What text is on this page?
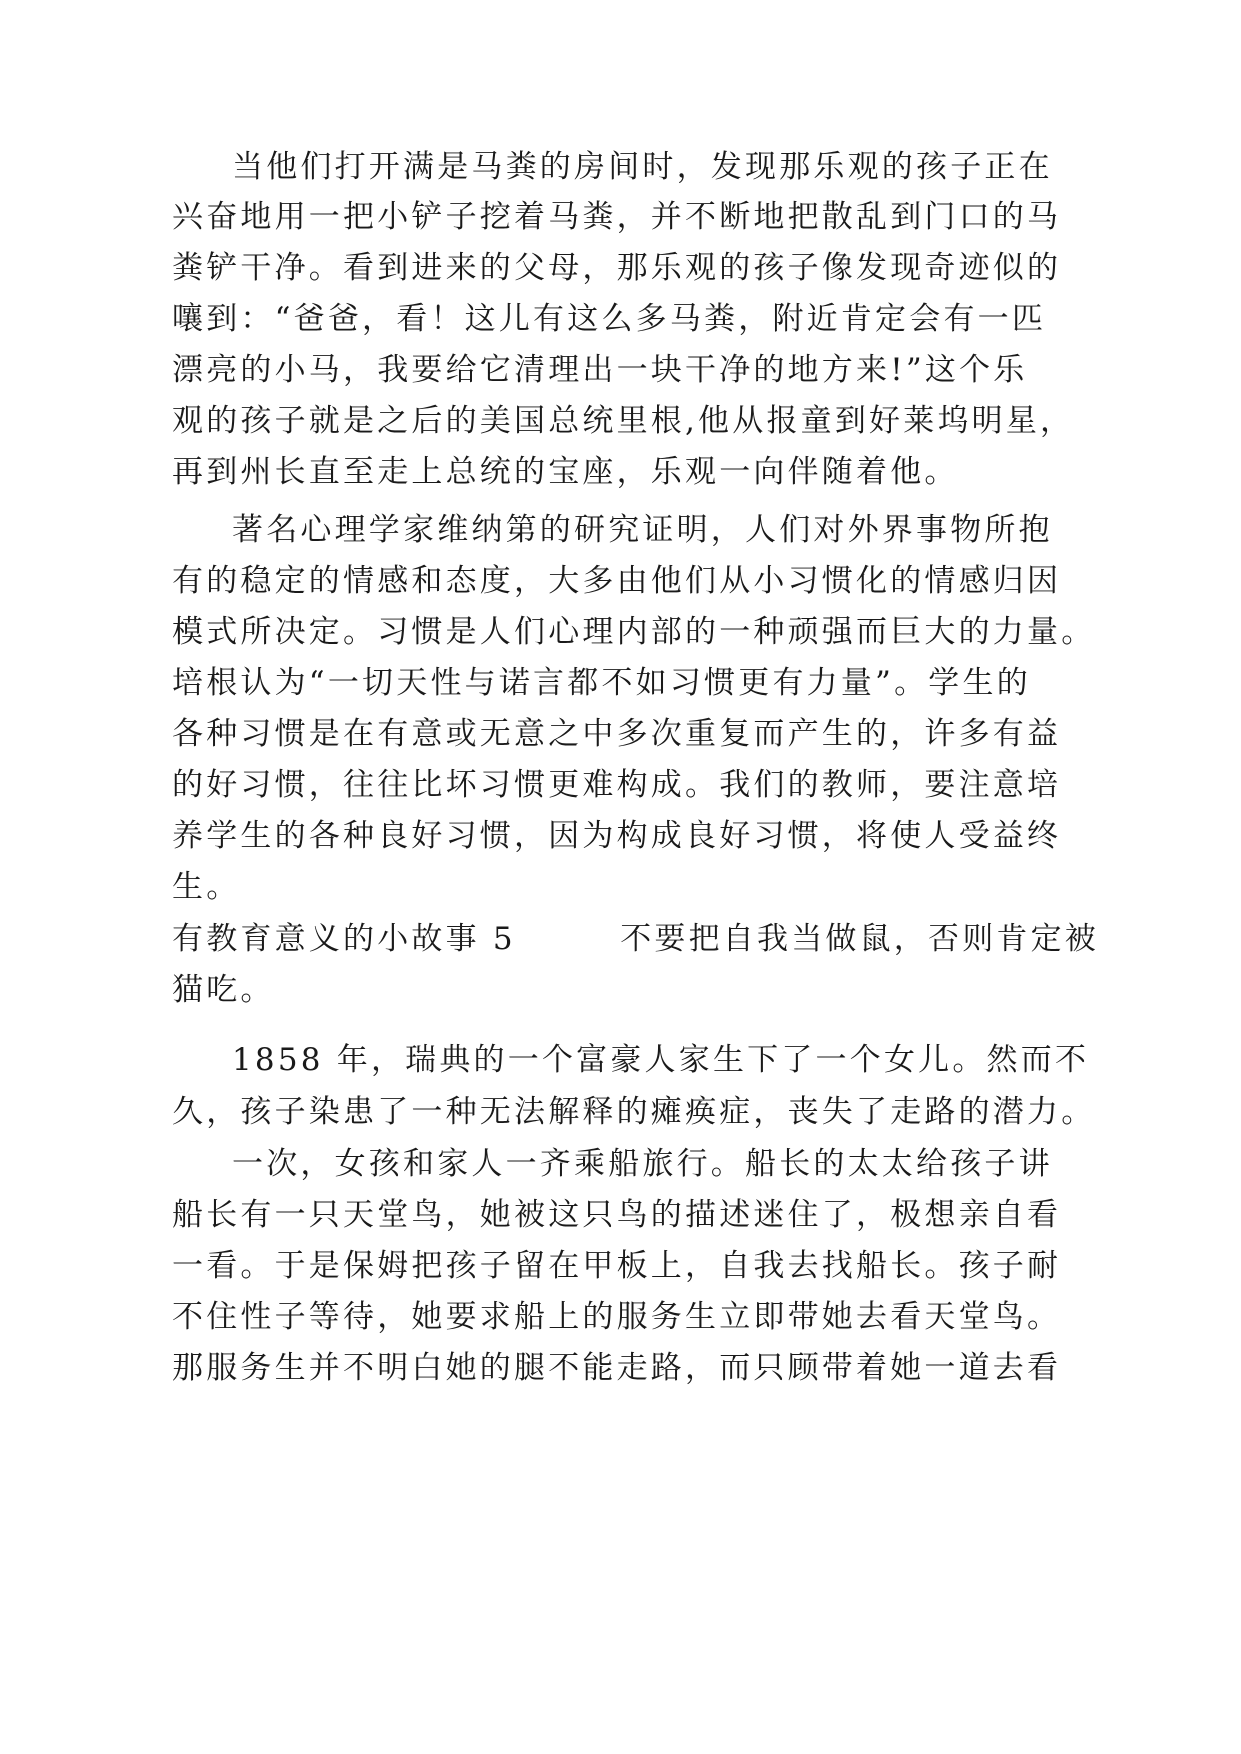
当他们打开满是马粪的房间时，发现那乐观的孩子正在
兴奋地用一把小铲子挖着马粪，并不断地把散乱到门口的马
粪铲干净。看到进来的父母，那乐观的孩子像发现奇迹似的
嚷到：“爸爸，看！这儿有这么多马粪，附近肯定会有一匹
漂亮的小马，我要给它清理出一块干净的地方来!”这个乐
观的孩子就是之后的美国总统里根,他从报童到好莱坞明星，
再到州长直至走上总统的宝座，乐观一向伴随着他。
著名心理学家维纳第的研究证明，人们对外界事物所抱
有的稳定的情感和态度，大多由他们从小习惯化的情感归因
模式所决定。习惯是人们心理内部的一种顽强而巨大的力量。
培根认为“一切天性与诺言都不如习惯更有力量”。学生的
各种习惯是在有意或无意之中多次重复而产生的，许多有益
的好习惯，往往比坏习惯更难构成。我们的教师，要注意培
养学生的各种良好习惯，因为构成良好习惯，将使人受益终
生。
有教育意义的小故事 5        不要把自我当做鼠，否则肯定被
猫吃。
1858 年，瑞典的一个富豪人家生下了一个女儿。然而不
久，孩子染患了一种无法解释的瘫痪症，丧失了走路的潜力。
一次，女孩和家人一齐乘船旅行。船长的太太给孩子讲
船长有一只天堂鸟，她被这只鸟的描述迷住了，极想亲自看
一看。于是保姆把孩子留在甲板上，自我去找船长。孩子耐
不住性子等待，她要求船上的服务生立即带她去看天堂鸟。
那服务生并不明白她的腿不能走路，而只顾带着她一道去看
